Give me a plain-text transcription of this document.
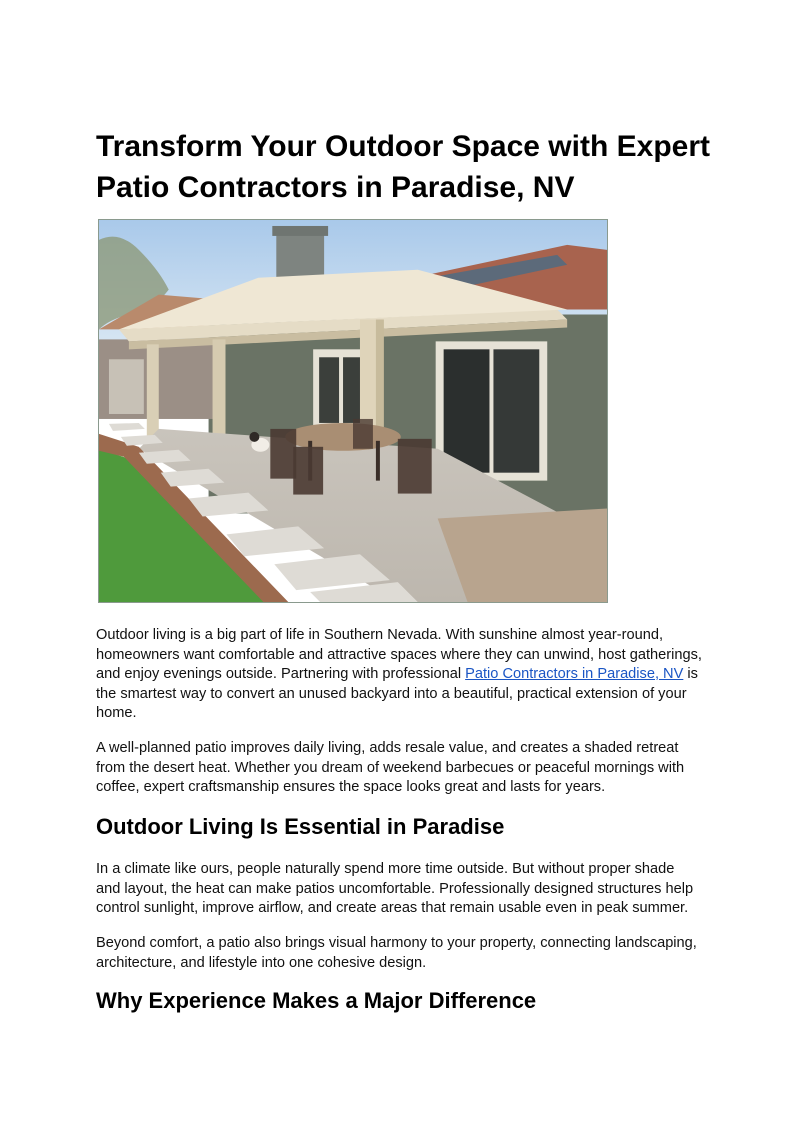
Transform Your Outdoor Space with Expert Patio Contractors in Paradise, NV

Outdoor living is a big part of life in Southern Nevada. With sunshine almost year-round, homeowners want comfortable and attractive spaces where they can unwind, host gatherings, and enjoy evenings outside. Partnering with professional Patio Contractors in Paradise, NV is the smartest way to convert an unused backyard into a beautiful, practical extension of your home.

A well-planned patio improves daily living, adds resale value, and creates a shaded retreat from the desert heat. Whether you dream of weekend barbecues or peaceful mornings with coffee, expert craftsmanship ensures the space looks great and lasts for years.

Outdoor Living Is Essential in Paradise

In a climate like ours, people naturally spend more time outside. But without proper shade and layout, the heat can make patios uncomfortable. Professionally designed structures help control sunlight, improve airflow, and create areas that remain usable even in peak summer.

Beyond comfort, a patio also brings visual harmony to your property, connecting landscaping, architecture, and lifestyle into one cohesive design.

Why Experience Makes a Major Difference
